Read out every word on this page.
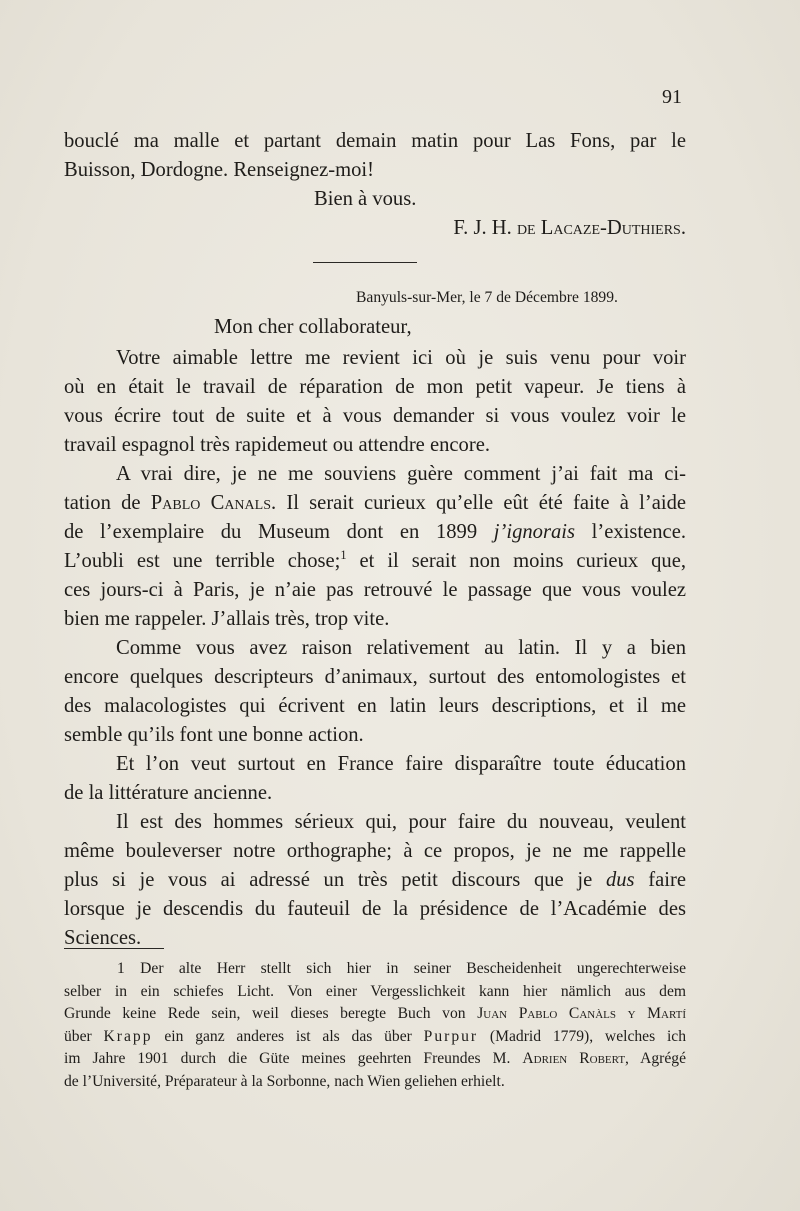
91
bouclé ma malle et partant demain matin pour Las Fons, par le
Buisson, Dordogne. Renseignez-moi!
Bien à vous.
F. J. H. de Lacaze-Duthiers.
Banyuls-sur-Mer, le 7 de Décembre 1899.
Mon cher collaborateur,
Votre aimable lettre me revient ici où je suis venu pour voir
où en était le travail de réparation de mon petit vapeur. Je tiens à
vous écrire tout de suite et à vous demander si vous voulez voir le
travail espagnol très rapidemeut ou attendre encore.
A vrai dire, je ne me souviens guère comment j’ai fait ma ci-
tation de Pablo Canals. Il serait curieux qu’elle eût été faite à l’aide
de l’exemplaire du Museum dont en 1899 j’ignorais l’existence.
L’oubli est une terrible chose;$^1$ et il serait non moins curieux que,
ces jours-ci à Paris, je n’aie pas retrouvé le passage que vous voulez
bien me rappeler. J’allais très, trop vite.
Comme vous avez raison relativement au latin. Il y a bien
encore quelques descripteurs d’animaux, surtout des entomologistes et
des malacologistes qui écrivent en latin leurs descriptions, et il me
semble qu’ils font une bonne action.
Et l’on veut surtout en France faire disparaître toute éducation
de la littérature ancienne.
Il est des hommes sérieux qui, pour faire du nouveau, veulent
même bouleverser notre orthographe; à ce propos, je ne me rappelle
plus si je vous ai adressé un très petit discours que je dus faire
lorsque je descendis du fauteuil de la présidence de l’Académie des
Sciences.
1 Der alte Herr stellt sich hier in seiner Bescheidenheit ungerechterweise
selber in ein schiefes Licht. Von einer Vergesslichkeit kann hier nämlich aus dem
Grunde keine Rede sein, weil dieses beregte Buch von Juan Pablo Canàls y Martí
über Krapp ein ganz anderes ist als das über Purpur (Madrid 1779), welches ich
im Jahre 1901 durch die Güte meines geehrten Freundes M. Adrien Robert, Agrégé
de l’Université, Préparateur à la Sorbonne, nach Wien geliehen erhielt.
